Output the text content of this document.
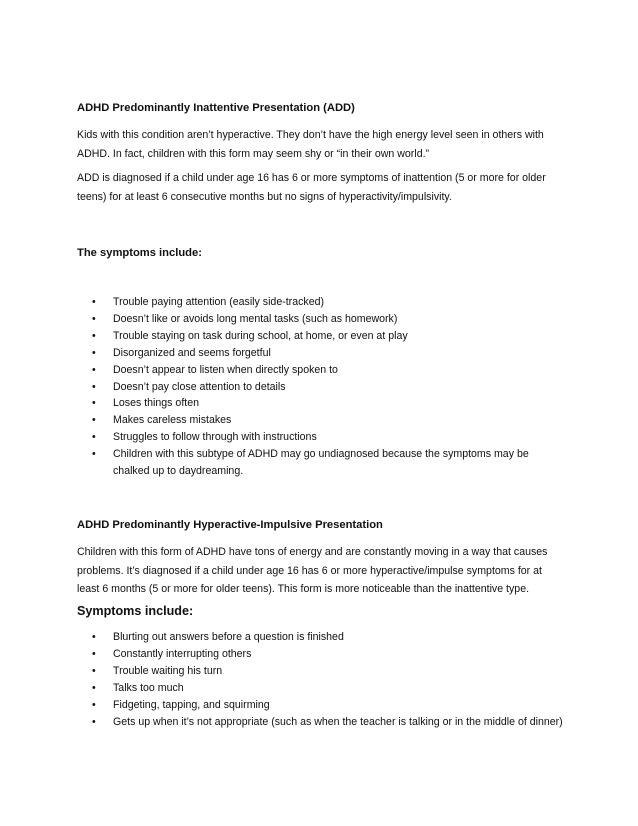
ADHD Predominantly Inattentive Presentation (ADD)

Kids with this condition aren’t hyperactive. They don’t have the high energy level seen in others with ADHD. In fact, children with this form may seem shy or “in their own world.”

ADD is diagnosed if a child under age 16 has 6 or more symptoms of inattention (5 or more for older teens) for at least 6 consecutive months but no signs of hyperactivity/impulsivity.

The symptoms include:
• Trouble paying attention (easily side-tracked)
• Doesn’t like or avoids long mental tasks (such as homework)
• Trouble staying on task during school, at home, or even at play
• Disorganized and seems forgetful
• Doesn’t appear to listen when directly spoken to
• Doesn’t pay close attention to details
• Loses things often
• Makes careless mistakes
• Struggles to follow through with instructions
• Children with this subtype of ADHD may go undiagnosed because the symptoms may be chalked up to daydreaming.
ADHD Predominantly Hyperactive-Impulsive Presentation

Children with this form of ADHD have tons of energy and are constantly moving in a way that causes problems. It’s diagnosed if a child under age 16 has 6 or more hyperactive/impulse symptoms for at least 6 months (5 or more for older teens). This form is more noticeable than the inattentive type.

Symptoms include:
• Blurting out answers before a question is finished
• Constantly interrupting others
• Trouble waiting his turn
• Talks too much
• Fidgeting, tapping, and squirming
• Gets up when it’s not appropriate (such as when the teacher is talking or in the middle of dinner)
